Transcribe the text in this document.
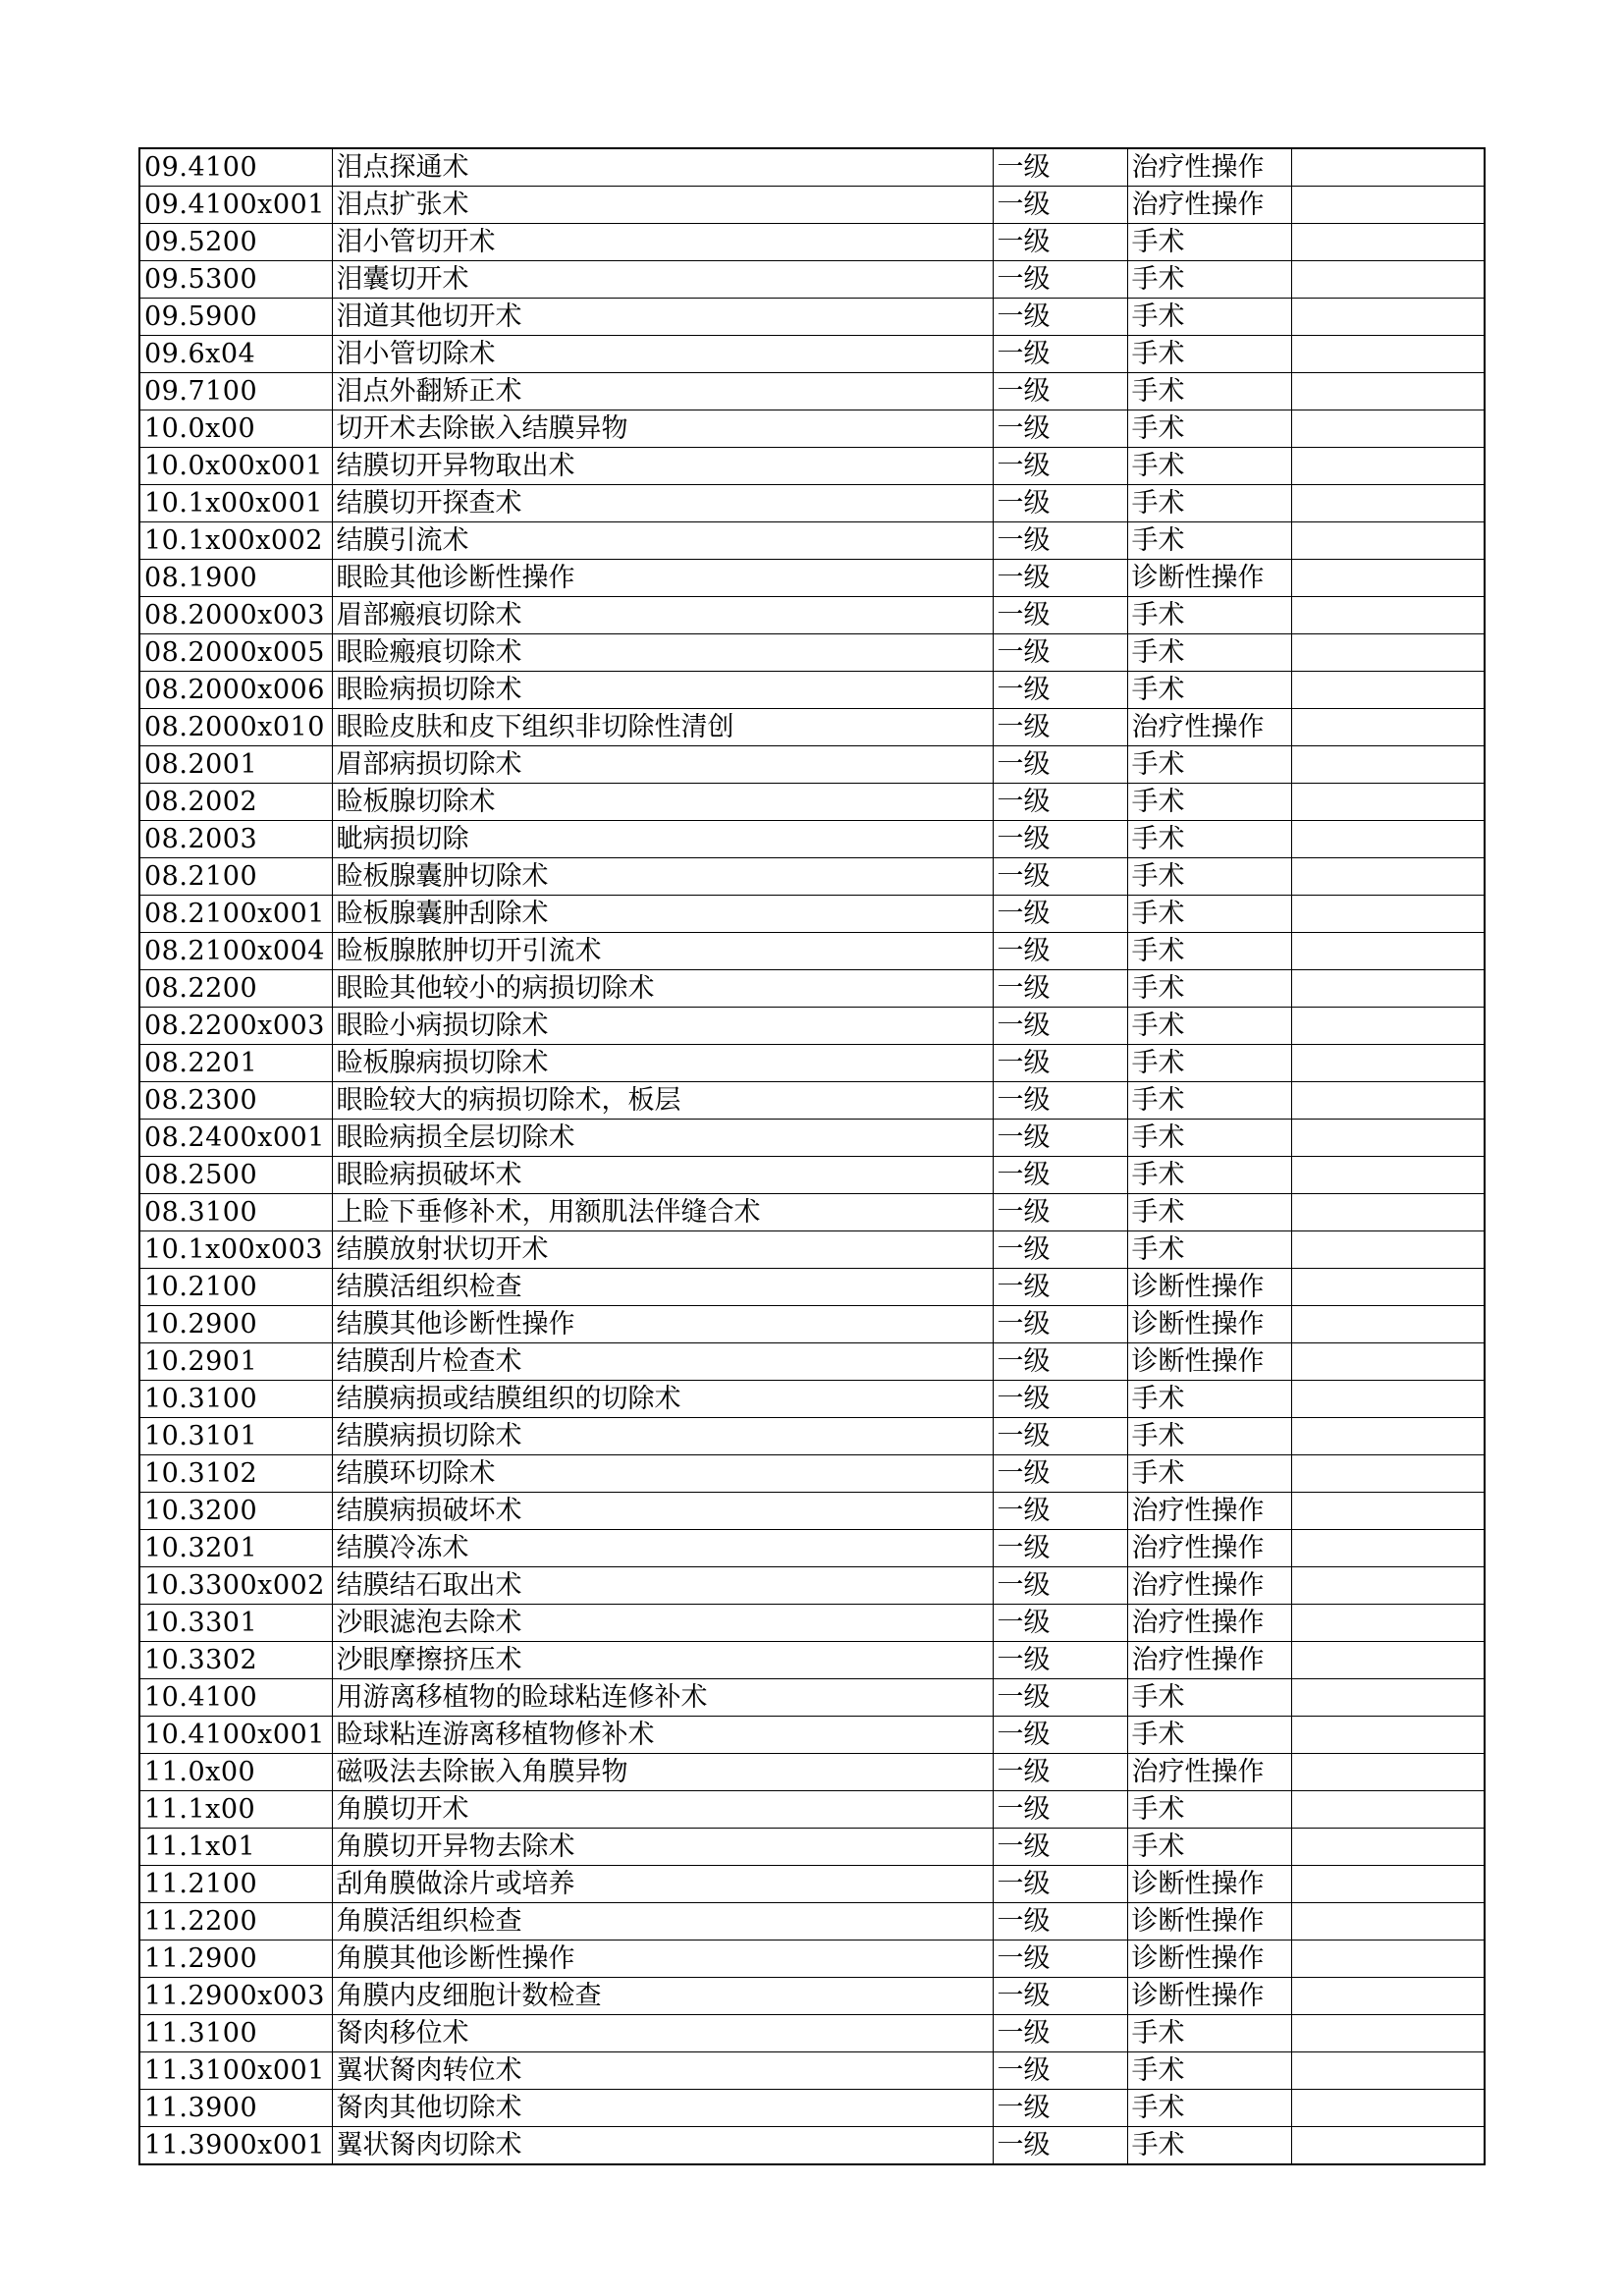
09.4100	泪点探通术	一级	治疗性操作	
09.4100x001	泪点扩张术	一级	治疗性操作	
09.5200	泪小管切开术	一级	手术	
09.5300	泪囊切开术	一级	手术	
09.5900	泪道其他切开术	一级	手术	
09.6x04	泪小管切除术	一级	手术	
09.7100	泪点外翻矫正术	一级	手术	
10.0x00	切开术去除嵌入结膜异物	一级	手术	
10.0x00x001	结膜切开异物取出术	一级	手术	
10.1x00x001	结膜切开探查术	一级	手术	
10.1x00x002	结膜引流术	一级	手术	
08.1900	眼睑其他诊断性操作	一级	诊断性操作	
08.2000x003	眉部瘢痕切除术	一级	手术	
08.2000x005	眼睑瘢痕切除术	一级	手术	
08.2000x006	眼睑病损切除术	一级	手术	
08.2000x010	眼睑皮肤和皮下组织非切除性清创	一级	治疗性操作	
08.2001	眉部病损切除术	一级	手术	
08.2002	睑板腺切除术	一级	手术	
08.2003	眦病损切除	一级	手术	
08.2100	睑板腺囊肿切除术	一级	手术	
08.2100x001	睑板腺囊肿刮除术	一级	手术	
08.2100x004	睑板腺脓肿切开引流术	一级	手术	
08.2200	眼睑其他较小的病损切除术	一级	手术	
08.2200x003	眼睑小病损切除术	一级	手术	
08.2201	睑板腺病损切除术	一级	手术	
08.2300	眼睑较大的病损切除术，板层	一级	手术	
08.2400x001	眼睑病损全层切除术	一级	手术	
08.2500	眼睑病损破坏术	一级	手术	
08.3100	上睑下垂修补术，用额肌法伴缝合术	一级	手术	
10.1x00x003	结膜放射状切开术	一级	手术	
10.2100	结膜活组织检查	一级	诊断性操作	
10.2900	结膜其他诊断性操作	一级	诊断性操作	
10.2901	结膜刮片检查术	一级	诊断性操作	
10.3100	结膜病损或结膜组织的切除术	一级	手术	
10.3101	结膜病损切除术	一级	手术	
10.3102	结膜环切除术	一级	手术	
10.3200	结膜病损破坏术	一级	治疗性操作	
10.3201	结膜冷冻术	一级	治疗性操作	
10.3300x002	结膜结石取出术	一级	治疗性操作	
10.3301	沙眼滤泡去除术	一级	治疗性操作	
10.3302	沙眼摩擦挤压术	一级	治疗性操作	
10.4100	用游离移植物的睑球粘连修补术	一级	手术	
10.4100x001	睑球粘连游离移植物修补术	一级	手术	
11.0x00	磁吸法去除嵌入角膜异物	一级	治疗性操作	
11.1x00	角膜切开术	一级	手术	
11.1x01	角膜切开异物去除术	一级	手术	
11.2100	刮角膜做涂片或培养	一级	诊断性操作	
11.2200	角膜活组织检查	一级	诊断性操作	
11.2900	角膜其他诊断性操作	一级	诊断性操作	
11.2900x003	角膜内皮细胞计数检查	一级	诊断性操作	
11.3100	胬肉移位术	一级	手术	
11.3100x001	翼状胬肉转位术	一级	手术	
11.3900	胬肉其他切除术	一级	手术	
11.3900x001	翼状胬肉切除术	一级	手术	
